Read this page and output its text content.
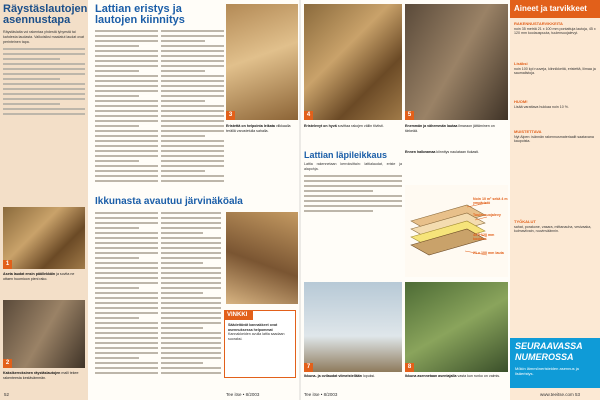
Räystäslautojen asennustapa
Räystäslaita voi rakentaa yhdestä lyhyestä tai kahdesta laudasta. Valkoisiksi maalatut laudat ovat perinteinen tapa.
1
Aseta laudat ensin päällekkäin ja sovita ne ottaen huomioon pieni rako.
2
Kaksikerroksinen räystäslautojen malli tekee rakenteesta kestävämmän.
Lattian eristys ja lautojen kiinnitys
Ikkunasta avautuu järvinäköala
3
Eristettä on helpointa leikata vilkkaalla terällä varustetulla sahalla.
VINKKI
Säädettävät kannakkeet ovat asennuksessa helpommat
Kannakkeiden avulla lattia saadaan suoraksi.
52	Tee itse • 8/2003
4
Eristelevyt on hyvä sovittaa rakojen väliin tiiviisti.
5
Enemmän ja vähemmän lautaa ilmaraon jättäminen on tärkeää.
Lattian läpileikkaus
Lattia rakennetaan kerroksittain: lattialaudat, eriste ja alapohja.
Ennen halkeamaa kiinnitys naulataan tiukasti.
Noin 10 m² sekä 4 m ympäristö
Tuulensuojalevy
45 x 120 mm koolaus
21 x 100 mm lauta
7
Ikkuna- ja ovilaudat viimeistellään lopuksi.
8
Ikkuna asennetaan asentajalla vasta kun runko on valmis.
Tee itse • 8/2003
Aineet ja tarvikkeet
RAKENNUSTARVIKKEITA
noin 35 metriä 21 x 100 mm pontattuja lautoja, 45 x 120 mm koolauspuuta, tuulensuojalevyt.
Lisäksi
noin 100 kpl ruuveja, kiinnikkeitä, eristettä, liimaa ja saumalistoja.
HUOM!
Lisää varattava hukkaa noin 10 %.
MUISTETTAVA
Nyt Alpen: isännän rakennusmateriaalit saatavana kaupoista.
TYÖKALUT
sahat, porakone, vasara, mittanauha, vesivaaka, kulmaviivain, ruuvinväännin.
SEURAAVASSA
NUMEROSSA
Mökin lämmöneristeiden asennus ja lisäeristys.
www.teeitse.com 53
